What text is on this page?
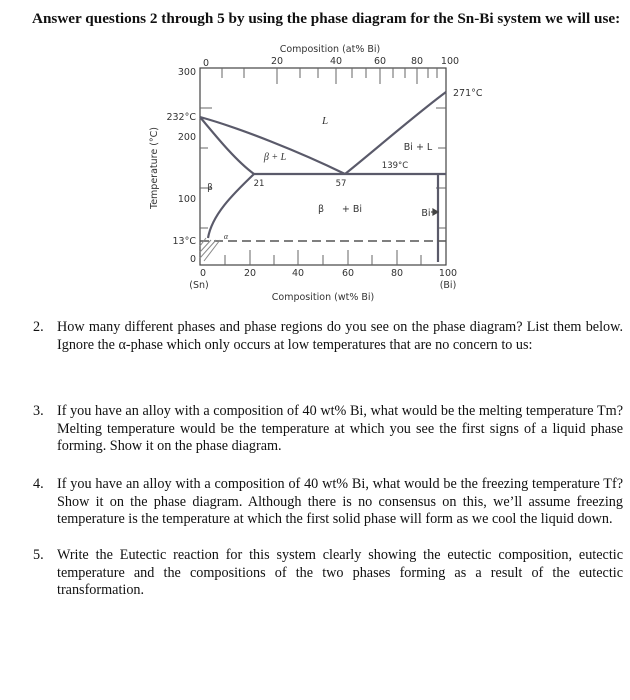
Answer questions 2 through 5 by using the phase diagram for the Sn-Bi system we will use:
Composition (at% Bi)
0	20	40	60	80 100
300
232°C
200
100
13°C
0
Temperature (°C)
0	20	40	60	80	100
(Sn)	(Bi)
Composition (wt% Bi)
271°C
139°C
21	57
Bi + L
β + Bi	Bi
β
L
β + L
α
2. How many different phases and phase regions do you see on the phase diagram? List them below. Ignore the α-phase which only occurs at low temperatures that are no concern to us:
3. If you have an alloy with a composition of 40 wt% Bi, what would be the melting temperature Tm? Melting temperature would be the temperature at which you see the first signs of a liquid phase forming. Show it on the phase diagram.
4. If you have an alloy with a composition of 40 wt% Bi, what would be the freezing temperature Tf? Show it on the phase diagram. Although there is no consensus on this, we’ll assume freezing temperature is the temperature at which the first solid phase will form as we cool the liquid down.
5. Write the Eutectic reaction for this system clearly showing the eutectic composition, eutectic temperature and the compositions of the two phases forming as a result of the eutectic transformation.
